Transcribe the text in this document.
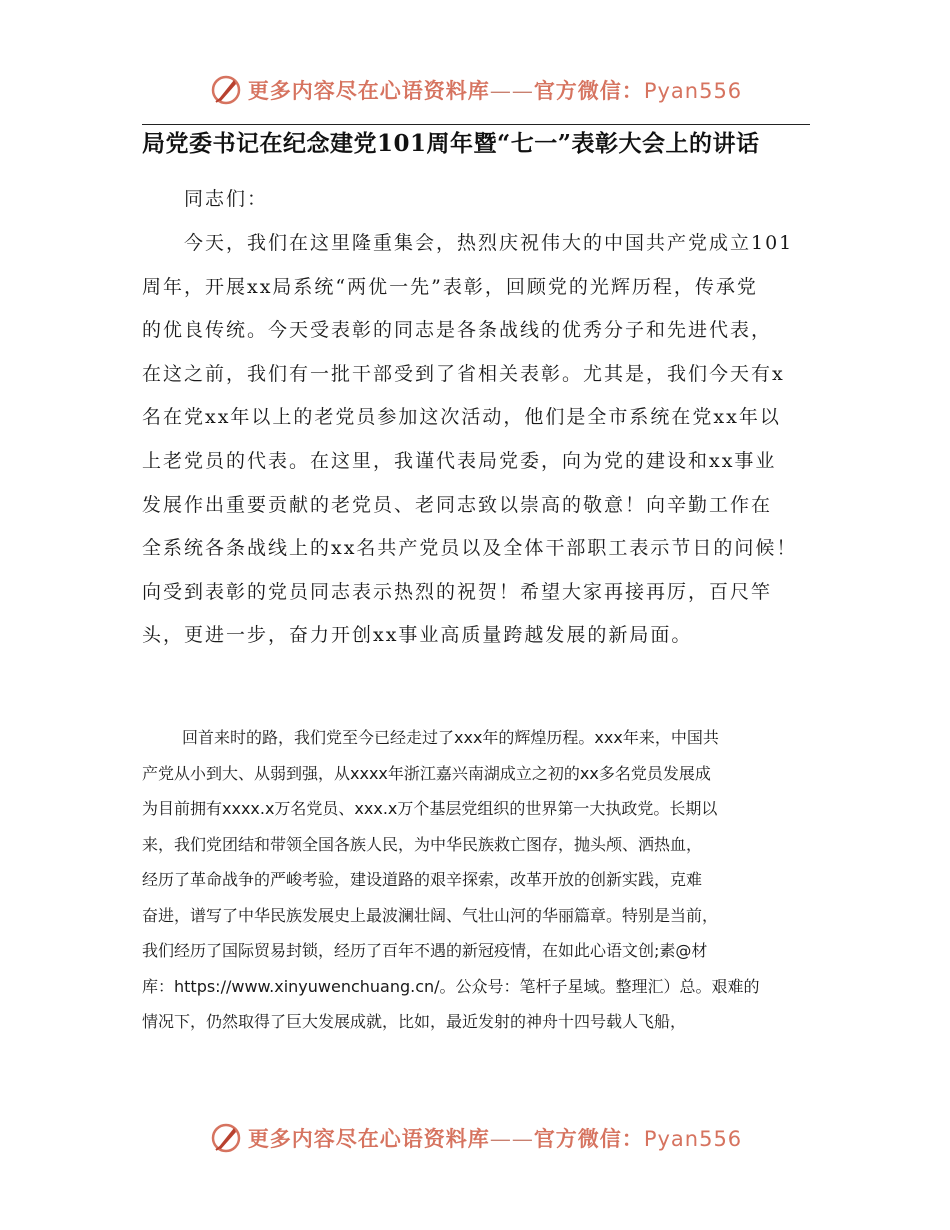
更多内容尽在心语资料库——官方微信：Pyan556
局党委书记在纪念建党101周年暨“七一”表彰大会上的讲话
同志们：
今天，我们在这里隆重集会，热烈庆祝伟大的中国共产党成立101
周年，开展xx局系统“两优一先”表彰，回顾党的光辉历程，传承党
的优良传统。今天受表彰的同志是各条战线的优秀分子和先进代表，
在这之前，我们有一批干部受到了省相关表彰。尤其是，我们今天有x
名在党xx年以上的老党员参加这次活动，他们是全市系统在党xx年以
上老党员的代表。在这里，我谨代表局党委，向为党的建设和xx事业
发展作出重要贡献的老党员、老同志致以崇高的敬意！向辛勤工作在
全系统各条战线上的xx名共产党员以及全体干部职工表示节日的问候！
向受到表彰的党员同志表示热烈的祝贺！希望大家再接再厉，百尺竿
头，更进一步，奋力开创xx事业高质量跨越发展的新局面。
回首来时的路，我们党至今已经走过了xxx年的辉煌历程。xxx年来，中国共
产党从小到大、从弱到强，从xxxx年浙江嘉兴南湖成立之初的xx多名党员发展成
为目前拥有xxxx.x万名党员、xxx.x万个基层党组织的世界第一大执政党。长期以
来，我们党团结和带领全国各族人民，为中华民族救亡图存，抛头颅、洒热血，
经历了革命战争的严峻考验，建设道路的艰辛探索，改革开放的创新实践，克难
奋进，谱写了中华民族发展史上最波澜壮阔、气壮山河的华丽篇章。特别是当前，
我们经历了国际贸易封锁，经历了百年不遇的新冠疫情，在如此心语文创;素@材
库：https://www.xinyuwenchuang.cn/。公众号：笔杆子星域。整理汇）总。艰难的
情况下，仍然取得了巨大发展成就，比如，最近发射的神舟十四号载人飞船，
更多内容尽在心语资料库——官方微信：Pyan556
